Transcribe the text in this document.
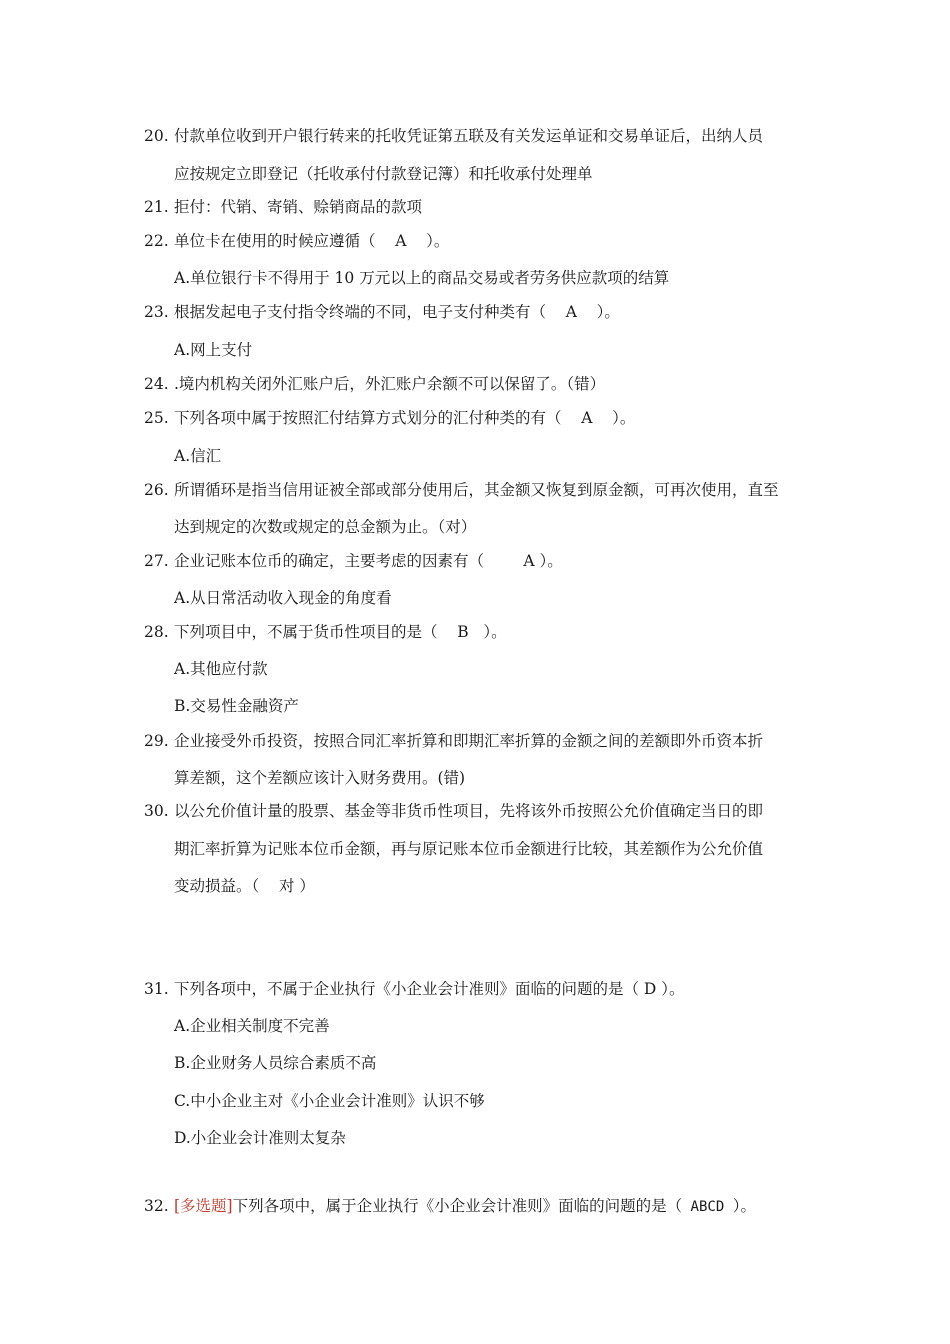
20. 付款单位收到开户银行转来的托收凭证第五联及有关发运单证和交易单证后，出纳人员
应按规定立即登记（托收承付付款登记簿）和托收承付处理单
21. 拒付：代销、寄销、赊销商品的款项
22. 单位卡在使用的时候应遵循（    A    ）。
A.单位银行卡不得用于 10 万元以上的商品交易或者劳务供应款项的结算
23. 根据发起电子支付指令终端的不同，电子支付种类有（    A    ）。
A.网上支付
24. .境内机构关闭外汇账户后，外汇账户余额不可以保留了。（错）
25. 下列各项中属于按照汇付结算方式划分的汇付种类的有（    A    ）。
A.信汇
26. 所谓循环是指当信用证被全部或部分使用后，其金额又恢复到原金额，可再次使用，直至
达到规定的次数或规定的总金额为止。（对）
27. 企业记账本位币的确定，主要考虑的因素有（        A ）。
A.从日常活动收入现金的角度看
28. 下列项目中，不属于货币性项目的是（    B   ）。
A.其他应付款
B.交易性金融资产
29. 企业接受外币投资，按照合同汇率折算和即期汇率折算的金额之间的差额即外币资本折
算差额，这个差额应该计入财务费用。(错)
30. 以公允价值计量的股票、基金等非货币性项目，先将该外币按照公允价值确定当日的即
期汇率折算为记账本位币金额，再与原记账本位币金额进行比较，其差额作为公允价值
变动损益。（    对 ）
31. 下列各项中，不属于企业执行《小企业会计准则》面临的问题的是（ D ）。
A.企业相关制度不完善
B.企业财务人员综合素质不高
C.中小企业主对《小企业会计准则》认识不够
D.小企业会计准则太复杂
32. [多选题]下列各项中，属于企业执行《小企业会计准则》面临的问题的是（ ABCD ）。
